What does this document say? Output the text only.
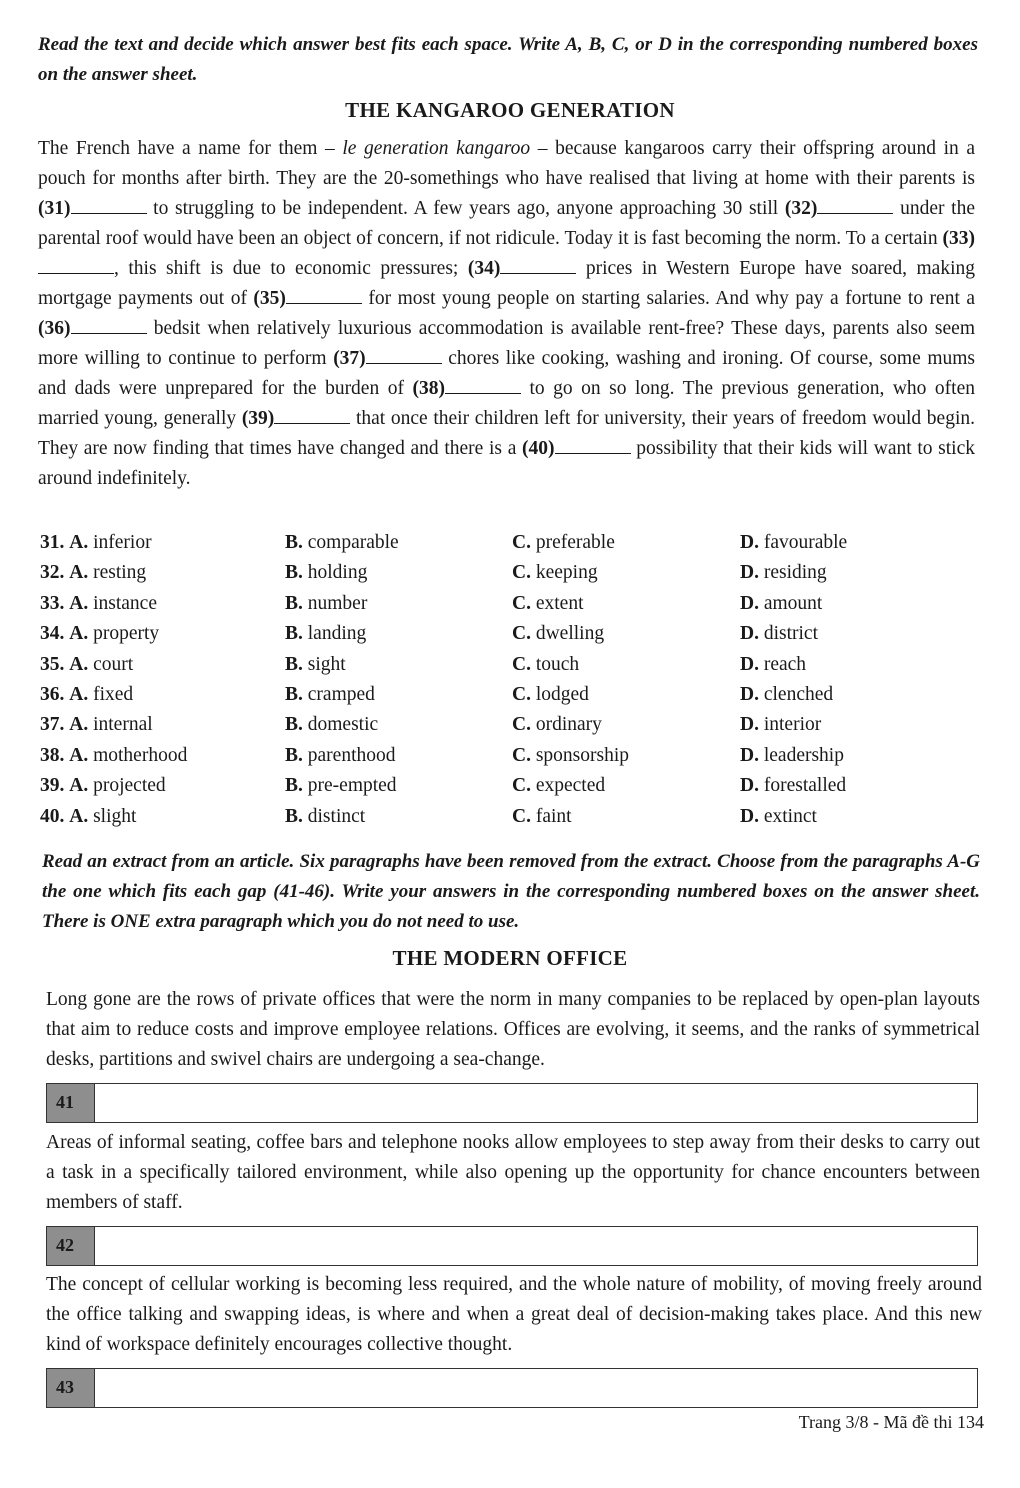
Read the text and decide which answer best fits each space. Write A, B, C, or D in the corresponding numbered boxes on the answer sheet.
THE KANGAROO GENERATION
The French have a name for them – le generation kangaroo – because kangaroos carry their offspring around in a pouch for months after birth. They are the 20-somethings who have realised that living at home with their parents is (31)	to struggling to be independent. A few years ago, anyone approaching 30 still (32)	under the parental roof would have been an object of concern, if not ridicule. Today it is fast becoming the norm. To a certain (33), this shift is due to economic pressures; (34)	prices in Western Europe have soared, making mortgage payments out of (35)	for most young people on starting salaries. And why pay a fortune to rent a (36)	bedsit when relatively luxurious accommodation is available rent-free? These days, parents also seem more willing to continue to perform (37)	chores like cooking, washing and ironing. Of course, some mums and dads were unprepared for the burden of (38)	to go on so long. The previous generation, who often married young, generally (39)	that once their children left for university, their years of freedom would begin. They are now finding that times have changed and there is a (40)	possibility that their kids will want to stick around indefinitely.
31. A. inferior	B. comparable	C. preferable	D. favourable
32. A. resting	B. holding	C. keeping	D. residing
33. A. instance	B. number	C. extent	D. amount
34. A. property	B. landing	C. dwelling	D. district
35. A. court	B. sight	C. touch	D. reach
36. A. fixed	B. cramped	C. lodged	D. clenched
37. A. internal	B. domestic	C. ordinary	D. interior
38. A. motherhood	B. parenthood	C. sponsorship	D. leadership
39. A. projected	B. pre-empted	C. expected	D. forestalled
40. A. slight	B. distinct	C. faint	D. extinct
Read an extract from an article. Six paragraphs have been removed from the extract. Choose from the paragraphs A-G the one which fits each gap (41-46). Write your answers in the corresponding numbered boxes on the answer sheet. There is ONE extra paragraph which you do not need to use.
THE MODERN OFFICE
Long gone are the rows of private offices that were the norm in many companies to be replaced by open-plan layouts that aim to reduce costs and improve employee relations. Offices are evolving, it seems, and the ranks of symmetrical desks, partitions and swivel chairs are undergoing a sea-change.
41
Areas of informal seating, coffee bars and telephone nooks allow employees to step away from their desks to carry out a task in a specifically tailored environment, while also opening up the opportunity for chance encounters between members of staff.
42
The concept of cellular working is becoming less required, and the whole nature of mobility, of moving freely around the office talking and swapping ideas, is where and when a great deal of decision-making takes place. And this new kind of workspace definitely encourages collective thought.
43
Trang 3/8 - Mã đề thi 134
